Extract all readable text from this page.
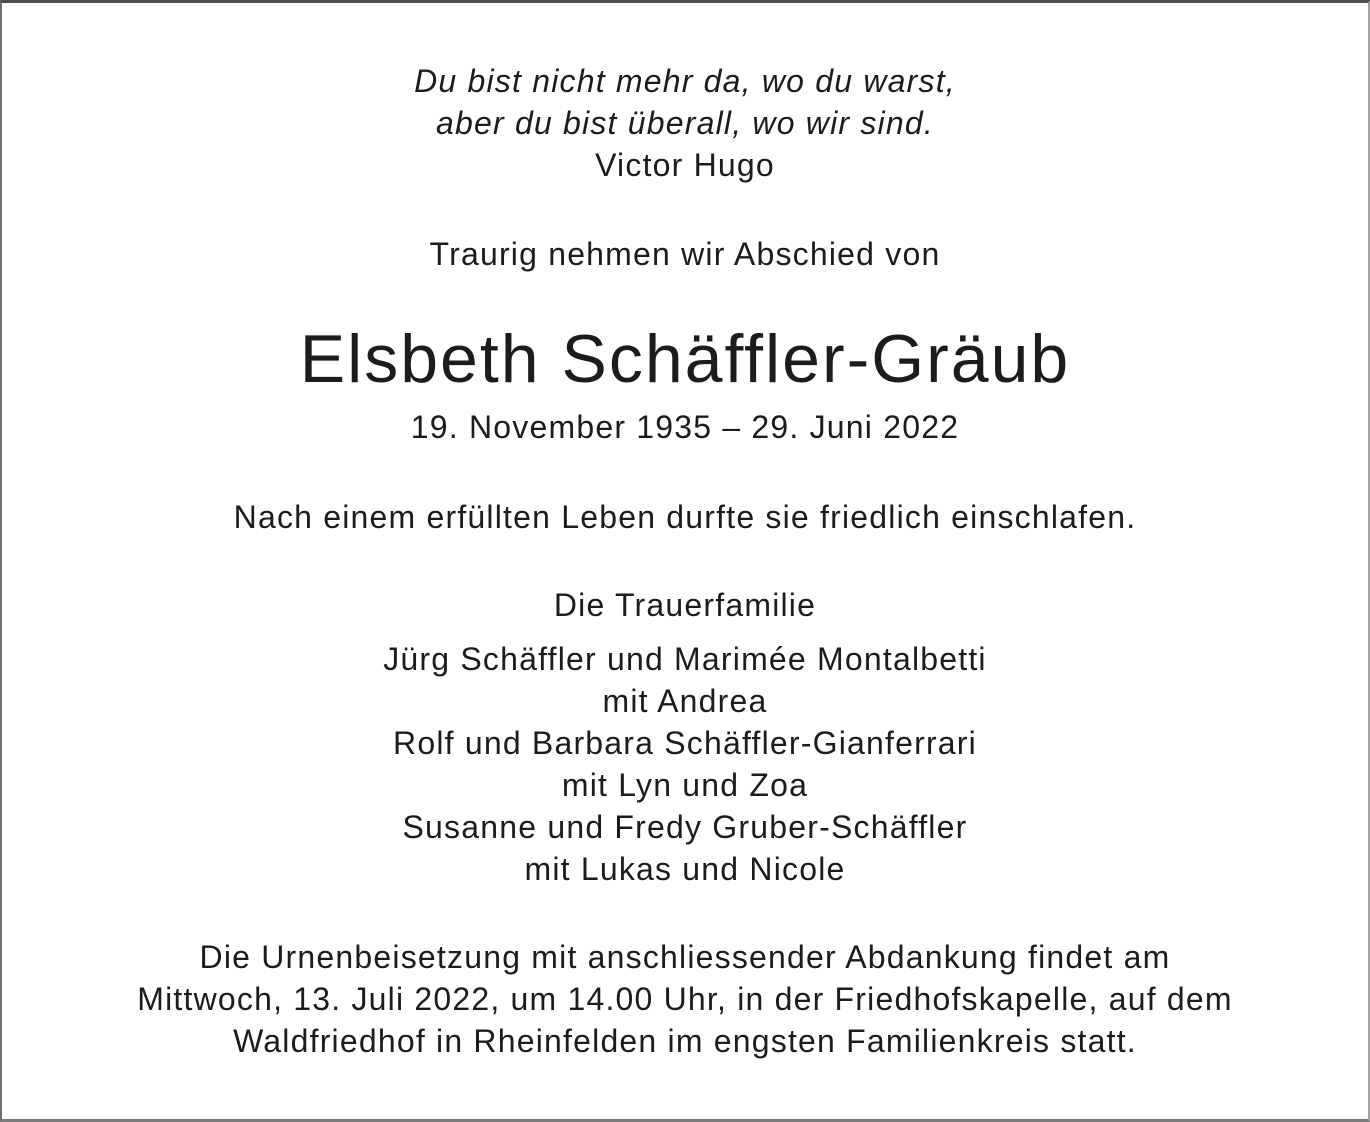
Du bist nicht mehr da, wo du warst,
aber du bist überall, wo wir sind.
Victor Hugo
Traurig nehmen wir Abschied von
Elsbeth Schäffler-Gräub
19. November 1935 – 29. Juni 2022
Nach einem erfüllten Leben durfte sie friedlich einschlafen.
Die Trauerfamilie
Jürg Schäffler und Marimée Montalbetti
mit Andrea
Rolf und Barbara Schäffler-Gianferrari
mit Lyn und Zoa
Susanne und Fredy Gruber-Schäffler
mit Lukas und Nicole
Die Urnenbeisetzung mit anschliessender Abdankung findet am
Mittwoch, 13. Juli 2022, um 14.00 Uhr, in der Friedhofskapelle, auf dem
Waldfriedhof in Rheinfelden im engsten Familienkreis statt.
